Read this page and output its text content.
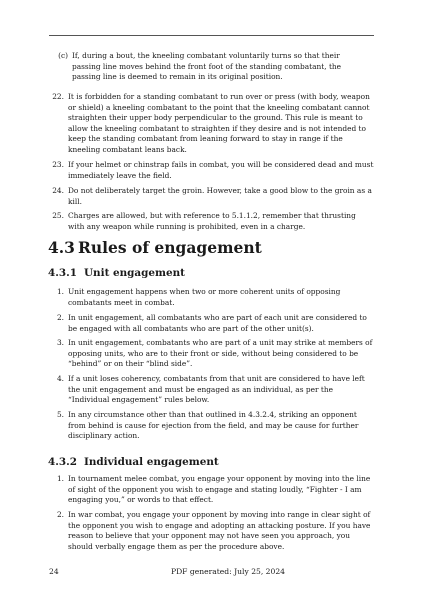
(c) If, during a bout, the kneeling combatant voluntarily turns so that their passing line moves behind the front foot of the standing combatant, the passing line is deemed to remain in its original position.
22. It is forbidden for a standing combatant to run over or press (with body, weapon or shield) a kneeling combatant to the point that the kneeling combatant cannot straighten their upper body perpendicular to the ground. This rule is meant to allow the kneeling combatant to straighten if they desire and is not intended to keep the standing combatant from leaning forward to stay in range if the kneeling combatant leans back.
23. If your helmet or chinstrap fails in combat, you will be considered dead and must immediately leave the field.
24. Do not deliberately target the groin. However, take a good blow to the groin as a kill.
25. Charges are allowed, but with reference to 5.1.1.2, remember that thrusting with any weapon while running is prohibited, even in a charge.
4.3 Rules of engagement
4.3.1 Unit engagement
1. Unit engagement happens when two or more coherent units of opposing combatants meet in combat.
2. In unit engagement, all combatants who are part of each unit are considered to be engaged with all combatants who are part of the other unit(s).
3. In unit engagement, combatants who are part of a unit may strike at members of opposing units, who are to their front or side, without being considered to be “behind” or on their “blind side”.
4. If a unit loses coherency, combatants from that unit are considered to have left the unit engagement and must be engaged as an individual, as per the “Individual engagement” rules below.
5. In any circumstance other than that outlined in 4.3.2.4, striking an opponent from behind is cause for ejection from the field, and may be cause for further disciplinary action.
4.3.2 Individual engagement
1. In tournament melee combat, you engage your opponent by moving into the line of sight of the opponent you wish to engage and stating loudly, “Fighter - I am engaging you,” or words to that effect.
2. In war combat, you engage your opponent by moving into range in clear sight of the opponent you wish to engage and adopting an attacking posture. If you have reason to believe that your opponent may not have seen you approach, you should verbally engage them as per the procedure above.
24	PDF generated: July 25, 2024
